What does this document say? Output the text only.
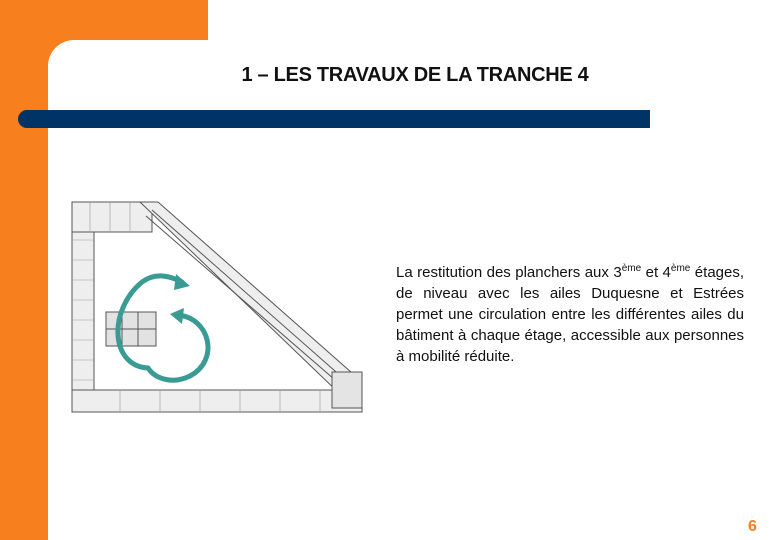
1 – LES TRAVAUX DE LA TRANCHE 4
La restitution des planchers aux 3ème et 4ème étages, de niveau avec les ailes Duquesne et Estrées permet une circulation entre les différentes ailes du bâtiment à chaque étage, accessible aux personnes à mobilité réduite.
6
